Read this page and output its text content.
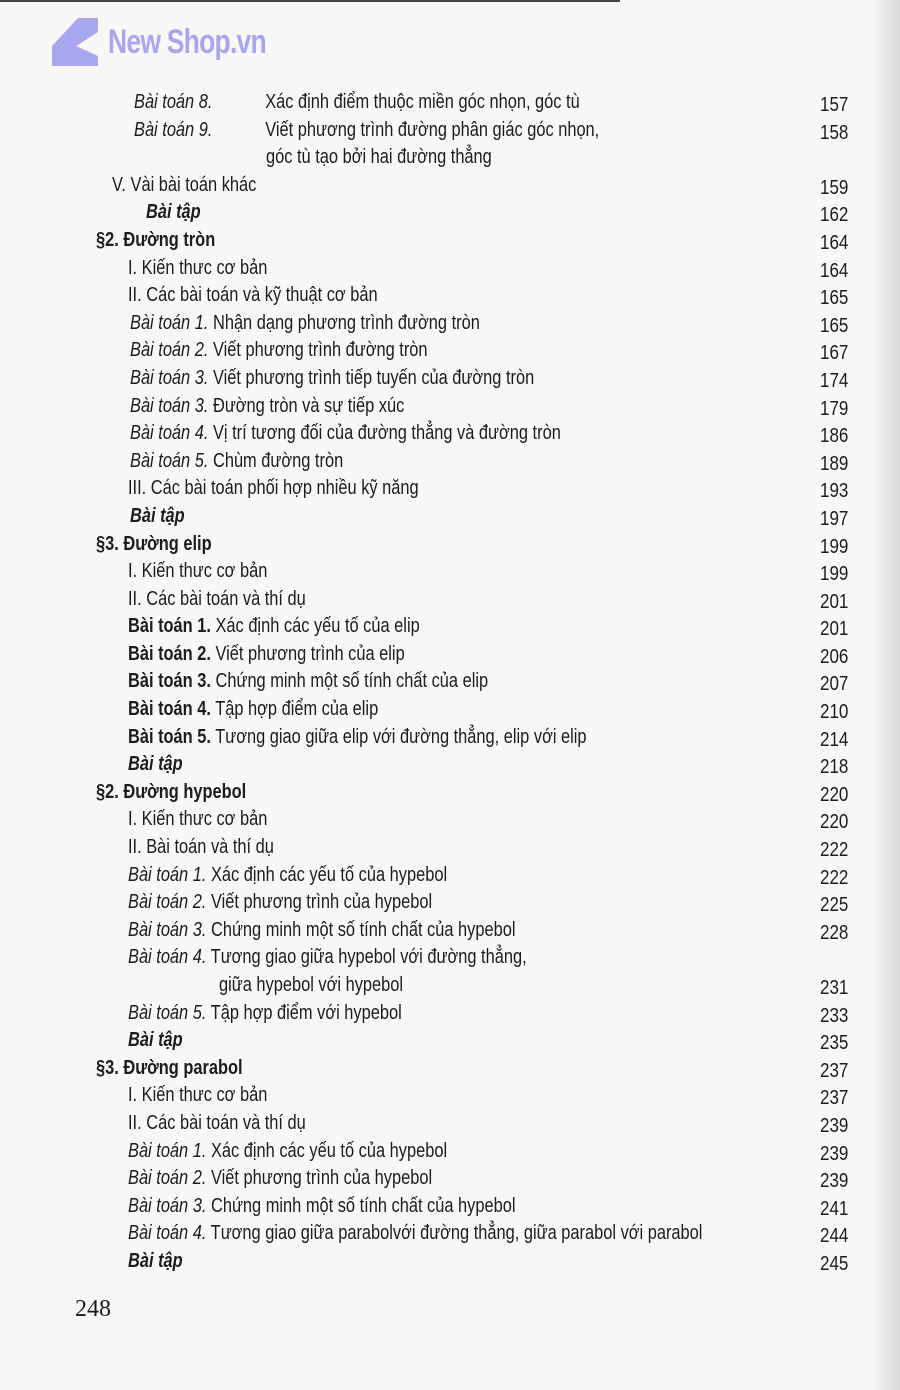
New Shop.vn
Bài toán 8.	Xác định điểm thuộc miền góc nhọn, góc tù	157
Bài toán 9.	Viết phương trình đường phân giác góc nhọn,	158
góc tù tạo bởi hai đường thẳng
V. Vài bài toán khác	159
Bài tập	162
§2. Đường tròn	164
I. Kiến thưc cơ bản	164
II. Các bài toán và kỹ thuật cơ bản	165
Bài toán 1. Nhận dạng phương trình đường tròn	165
Bài toán 2. Viết phương trình đường tròn	167
Bài toán 3. Viết phương trình tiếp tuyến của đường tròn	174
Bài toán 3. Đường tròn và sự tiếp xúc	179
Bài toán 4. Vị trí tương đối của đường thẳng và đường tròn	186
Bài toán 5. Chùm đường tròn	189
III. Các bài toán phối hợp nhiều kỹ năng	193
Bài tập	197
§3. Đường elip	199
I. Kiến thưc cơ bản	199
II. Các bài toán và thí dụ	201
Bài toán 1. Xác định các yếu tố của elip	201
Bài toán 2. Viết phương trình của elip	206
Bài toán 3. Chứng minh một số tính chất của elip	207
Bài toán 4. Tập hợp điểm của elip	210
Bài toán 5. Tương giao giữa elip với đường thẳng, elip với elip	214
Bài tập	218
§2. Đường hypebol	220
I. Kiến thưc cơ bản	220
II. Bài toán và thí dụ	222
Bài toán 1. Xác định các yếu tố của hypebol	222
Bài toán 2. Viết phương trình của hypebol	225
Bài toán 3. Chứng minh một số tính chất của hypebol	228
Bài toán 4. Tương giao giữa hypebol với đường thẳng,
giữa hypebol với hypebol	231
Bài toán 5. Tập hợp điểm với hypebol	233
Bài tập	235
§3. Đường parabol	237
I. Kiến thưc cơ bản	237
II. Các bài toán và thí dụ	239
Bài toán 1. Xác định các yếu tố của hypebol	239
Bài toán 2. Viết phương trình của hypebol	239
Bài toán 3. Chứng minh một số tính chất của hypebol	241
Bài toán 4. Tương giao giữa parabolvới đường thẳng, giữa parabol với parabol	244
Bài tập	245
248
